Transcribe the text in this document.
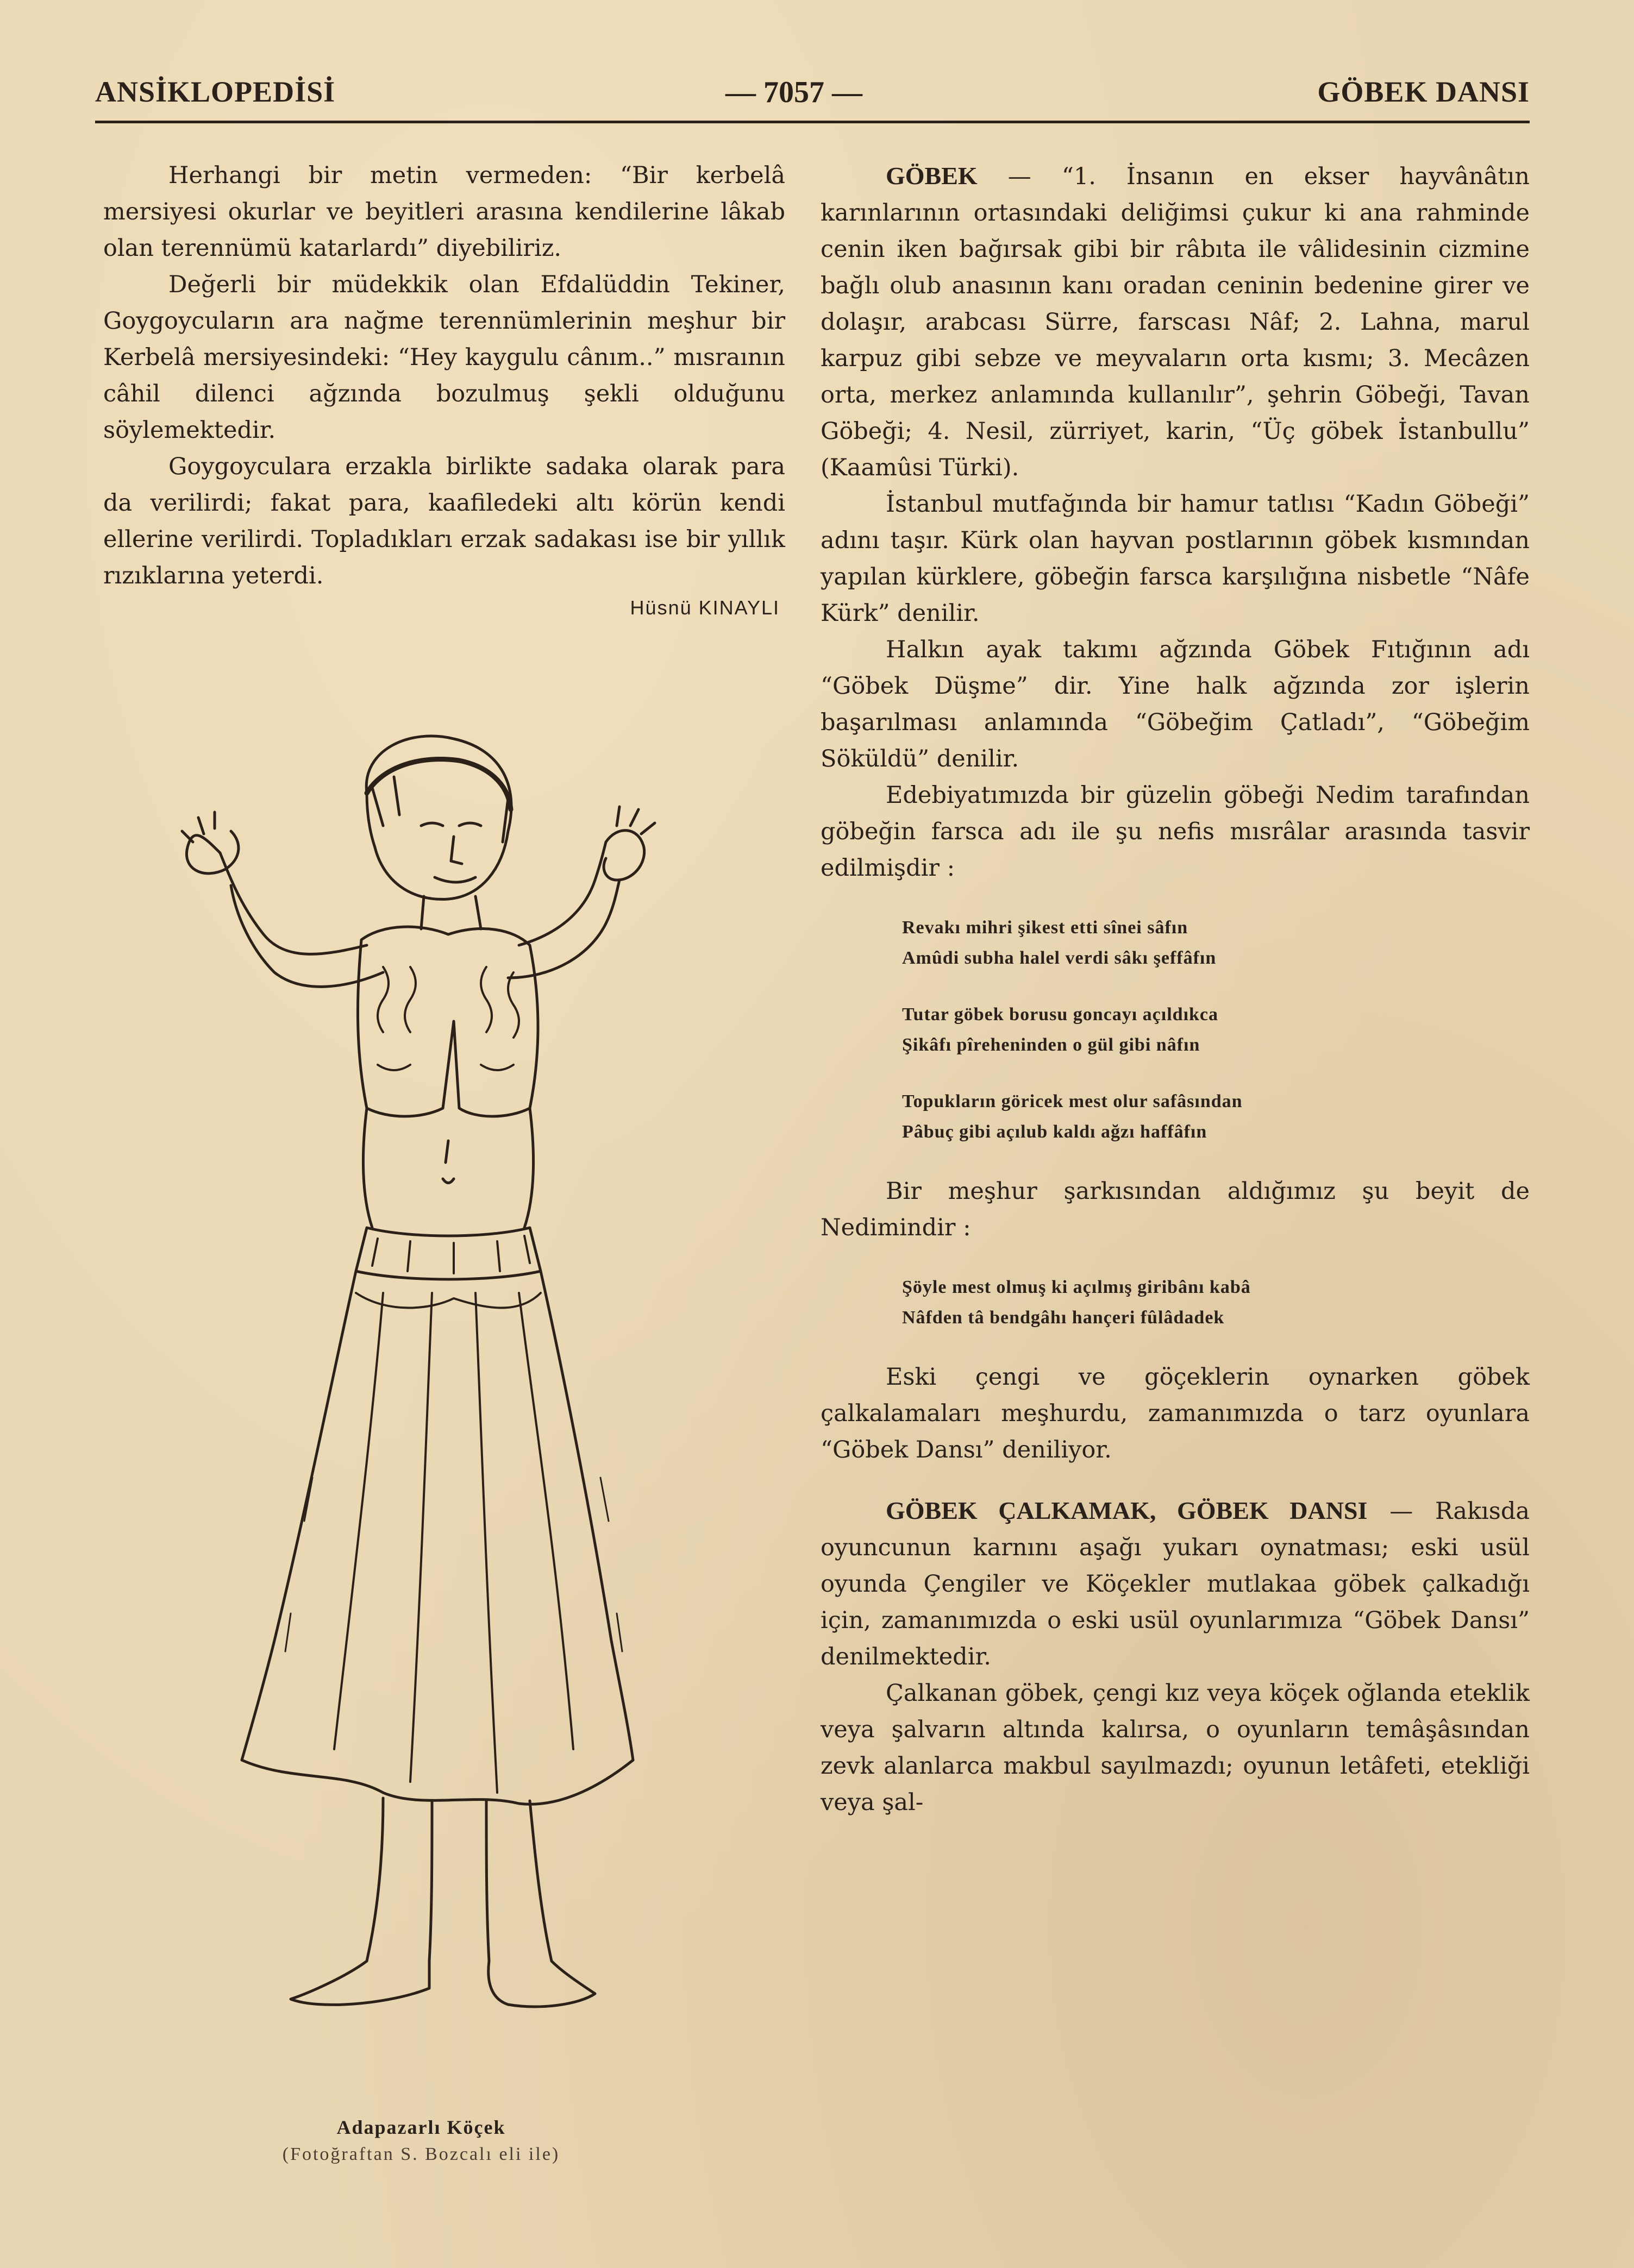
ANSİKLOPEDİSİ	— 7057 —	GÖBEK DANSI

Herhangi bir metin vermeden: “Bir kerbelâ mersiyesi okurlar ve beyitleri arasına kendilerine lâkab olan terennümü katarlardı” diyebiliriz.

Değerli bir müdekkik olan Efdalüddin Tekiner, Goygoycuların ara nağme terennümlerinin meşhur bir Kerbelâ mersiyesindeki: “Hey kaygulu cânım..” mısraının câhil dilenci ağzında bozulmuş şekli olduğunu söylemektedir.

Goygoyculara erzakla birlikte sadaka olarak para da verilirdi; fakat para, kaafiledeki altı körün kendi ellerine verilirdi. Topladıkları erzak sadakası ise bir yıllık rızıklarına yeterdi.

Hüsnü KINAYLI
Adapazarlı Köçek
(Fotoğraftan S. Bozcalı eli ile)

GÖBEK — “1. İnsanın en ekser hayvânâtın karınlarının ortasındaki deliğimsi çukur ki ana rahminde cenin iken bağırsak gibi bir râbıta ile vâlidesinin cizmine bağlı olub anasının kanı oradan ceninin bedenine girer ve dolaşır, arabcası Sürre, farscası Nâf; 2. Lahna, marul karpuz gibi sebze ve meyvaların orta kısmı; 3. Mecâzen orta, merkez anlamında kullanılır”, şehrin Göbeği, Tavan Göbeği; 4. Nesil, zürriyet, karin, “Üç göbek İstanbullu” (Kaamûsi Türki).

İstanbul mutfağında bir hamur tatlısı “Kadın Göbeği” adını taşır. Kürk olan hayvan postlarının göbek kısmından yapılan kürklere, göbeğin farsca karşılığına nisbetle “Nâfe Kürk” denilir.

Halkın ayak takımı ağzında Göbek Fıtığının adı “Göbek Düşme” dir. Yine halk ağzında zor işlerin başarılması anlamında “Göbeğim Çatladı”, “Göbeğim Söküldü” denilir.

Edebiyatımızda bir güzelin göbeği Nedim tarafından göbeğin farsca adı ile şu nefis mısrâlar arasında tasvir edilmişdir :

Revakı mihri şikest etti sînei sâfın
Amûdi subha halel verdi sâkı şeffâfın
Tutar göbek borusu goncayı açıldıkca
Şikâfı pîreheninden o gül gibi nâfın
Topukların göricek mest olur safâsından
Pâbuç gibi açılub kaldı ağzı haffâfın

Bir meşhur şarkısından aldığımız şu beyit de Nedimindir :

Şöyle mest olmuş ki açılmış giribânı kabâ
Nâfden tâ bendgâhı hançeri fûlâdadek

Eski çengi ve göçeklerin oynarken göbek çalkalamaları meşhurdu, zamanımızda o tarz oyunlara “Göbek Dansı” deniliyor.

GÖBEK ÇALKAMAK, GÖBEK DANSI — Rakısda oyuncunun karnını aşağı yukarı oynatması; eski usül oyunda Çengiler ve Köçekler mutlakaa göbek çalkadığı için, zamanımızda o eski usül oyunlarımıza “Göbek Dansı” denilmektedir.

Çalkanan göbek, çengi kız veya köçek oğlanda eteklik veya şalvarın altında kalırsa, o oyunların temâşâsından zevk alanlarca makbul sayılmazdı; oyunun letâfeti, etekliği veya şal-
